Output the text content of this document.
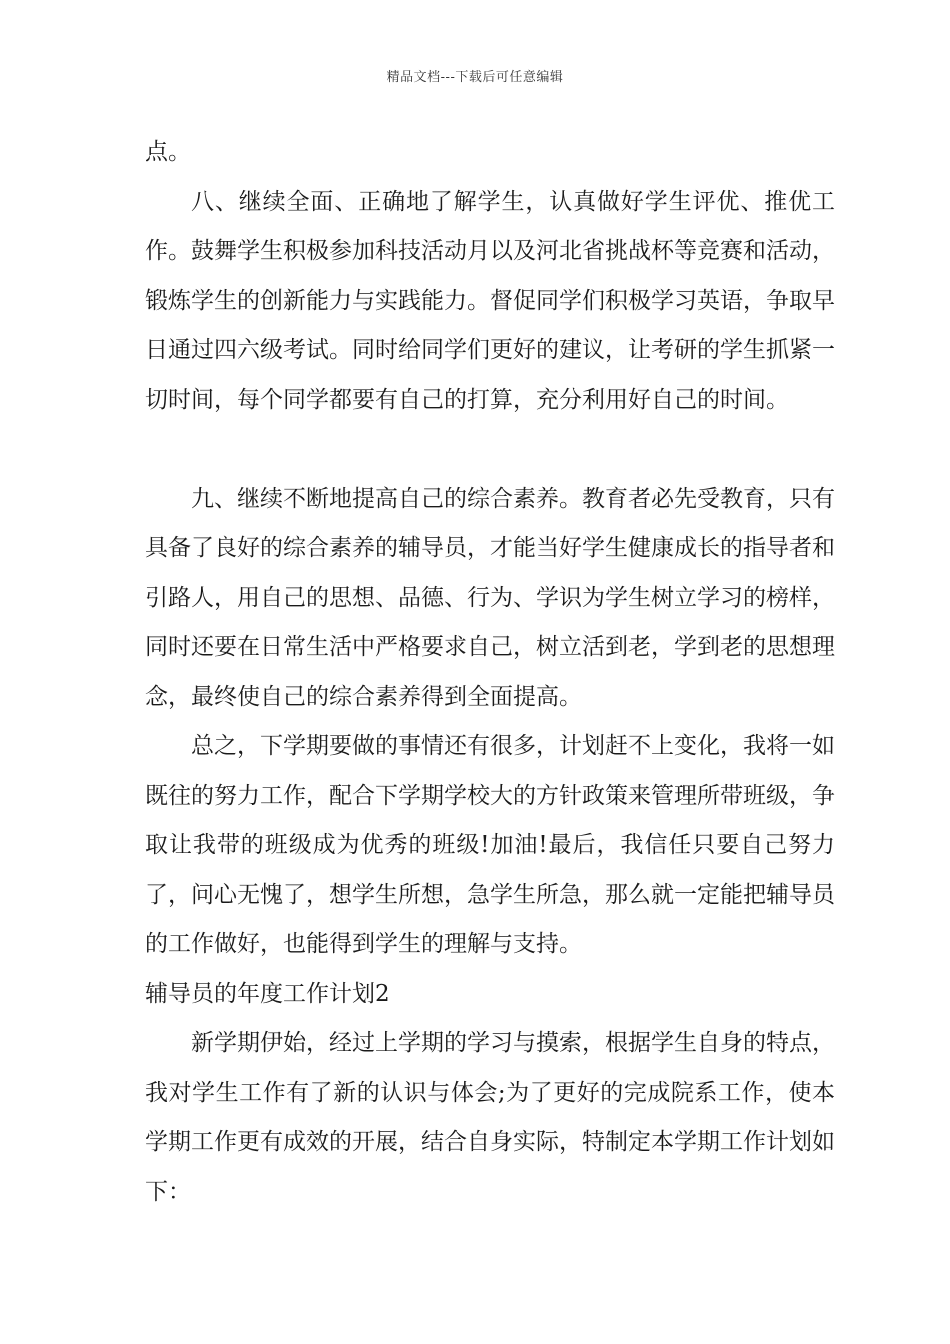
精品文档---下载后可任意编辑

点。

八、继续全面、正确地了解学生，认真做好学生评优、推优工作。鼓舞学生积极参加科技活动月以及河北省挑战杯等竞赛和活动，锻炼学生的创新能力与实践能力。督促同学们积极学习英语，争取早日通过四六级考试。同时给同学们更好的建议，让考研的学生抓紧一切时间，每个同学都要有自己的打算，充分利用好自己的时间。

九、继续不断地提高自己的综合素养。教育者必先受教育，只有具备了良好的综合素养的辅导员，才能当好学生健康成长的指导者和引路人，用自己的思想、品德、行为、学识为学生树立学习的榜样，同时还要在日常生活中严格要求自己，树立活到老，学到老的思想理念，最终使自己的综合素养得到全面提高。

总之，下学期要做的事情还有很多，计划赶不上变化，我将一如既往的努力工作，配合下学期学校大的方针政策来管理所带班级，争取让我带的班级成为优秀的班级!加油!最后，我信任只要自己努力了，问心无愧了，想学生所想，急学生所急，那么就一定能把辅导员的工作做好，也能得到学生的理解与支持。

辅导员的年度工作计划2

新学期伊始，经过上学期的学习与摸索，根据学生自身的特点，我对学生工作有了新的认识与体会;为了更好的完成院系工作，使本学期工作更有成效的开展，结合自身实际，特制定本学期工作计划如下：
